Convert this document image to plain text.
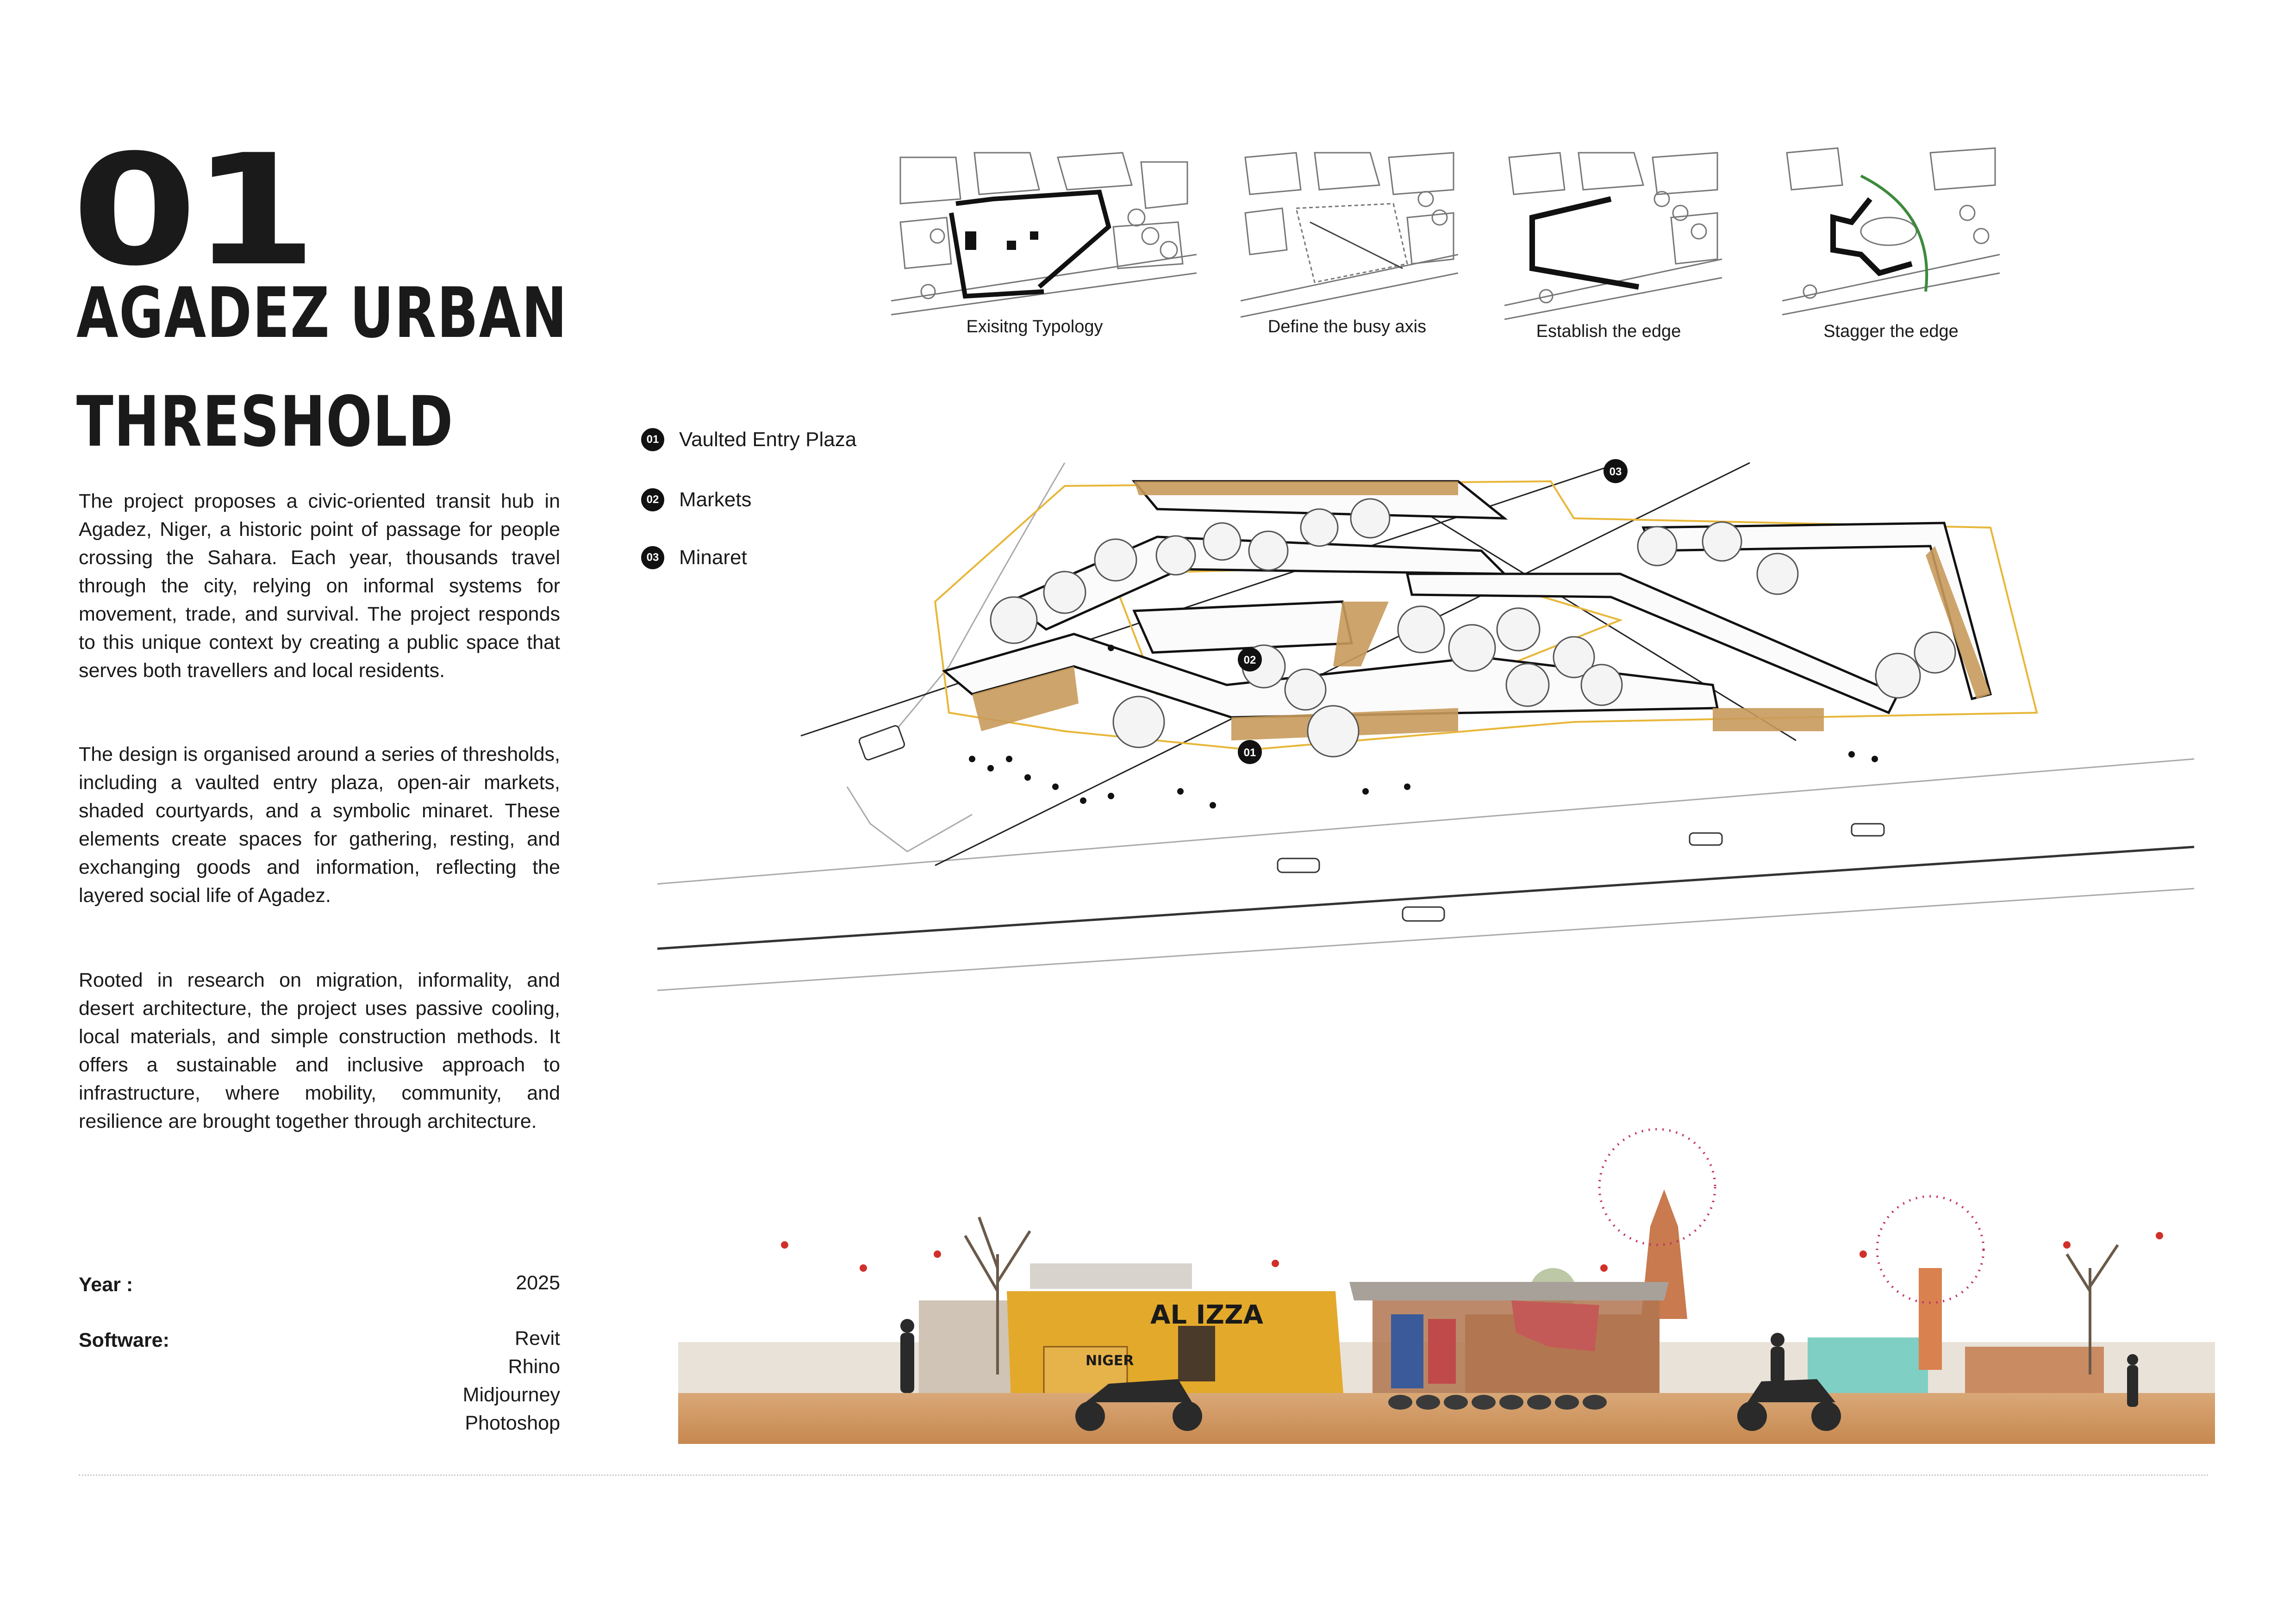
01
AGADEZ URBAN
THRESHOLD
The project proposes a civic-oriented transit hub in Agadez, Niger, a historic point of passage for people crossing the Sahara. Each year, thousands travel through the city, relying on informal systems for movement, trade, and survival. The project responds to this unique context by creating a public space that serves both travellers and local residents.
The design is organised around a series of thresholds, including a vaulted entry plaza, open-air markets, shaded courtyards, and a symbolic minaret. These elements create spaces for gathering, resting, and exchanging goods and information, reflecting the layered social life of Agadez.
Rooted in research on migration, informality, and desert architecture, the project uses passive cooling, local materials, and simple construction methods. It offers a sustainable and inclusive approach to infrastructure, where mobility, community, and resilience are brought together through architecture.
Year :	2025
Software:	Revit
Rhino
Midjourney
Photoshop
Exisitng Typology	Define the busy axis	Establish the edge	Stagger the edge
01 Vaulted Entry Plaza
02 Markets
03 Minaret
02
03
01
AL IZZA
NIGER
